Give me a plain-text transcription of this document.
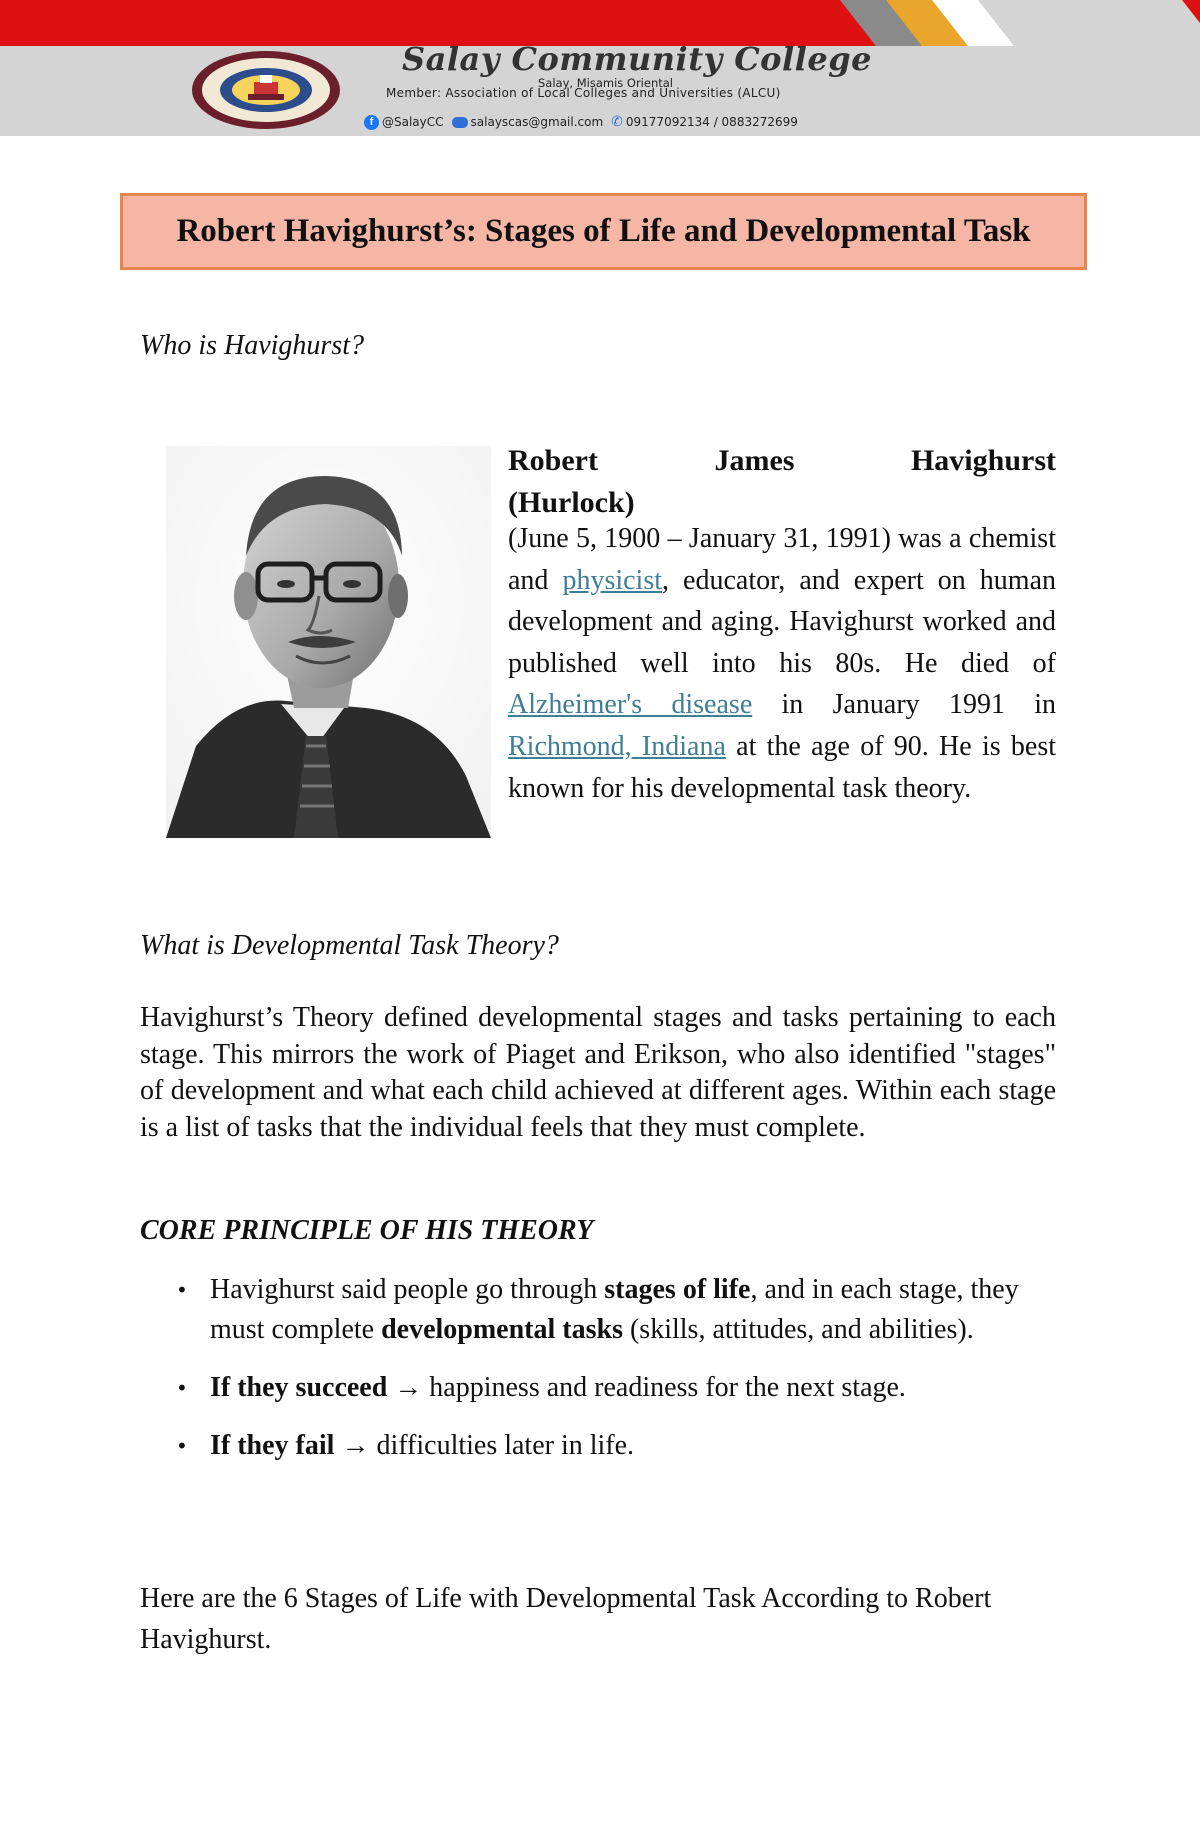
Salay Community College
Salay, Misamis Oriental
Member: Association of Local Colleges and Universities (ALCU)
f @SalayCC salayscas@gmail.com ✆ 09177092134 / 0883272699
Robert Havighurst’s: Stages of Life and Developmental Task
Who is Havighurst?
Robert James Havighurst
(Hurlock)
(June 5, 1900 – January 31, 1991) was a chemist and physicist, educator, and expert on human development and aging. Havighurst worked and published well into his 80s. He died of Alzheimer's disease in January 1991 in Richmond, Indiana at the age of 90. He is best known for his developmental task theory.
What is Developmental Task Theory?
Havighurst’s Theory defined developmental stages and tasks pertaining to each stage. This mirrors the work of Piaget and Erikson, who also identified "stages" of development and what each child achieved at different ages. Within each stage is a list of tasks that the individual feels that they must complete.
CORE PRINCIPLE OF HIS THEORY
• Havighurst said people go through stages of life, and in each stage, they must complete developmental tasks (skills, attitudes, and abilities).
• If they succeed → happiness and readiness for the next stage.
• If they fail → difficulties later in life.
Here are the 6 Stages of Life with Developmental Task According to Robert Havighurst.
